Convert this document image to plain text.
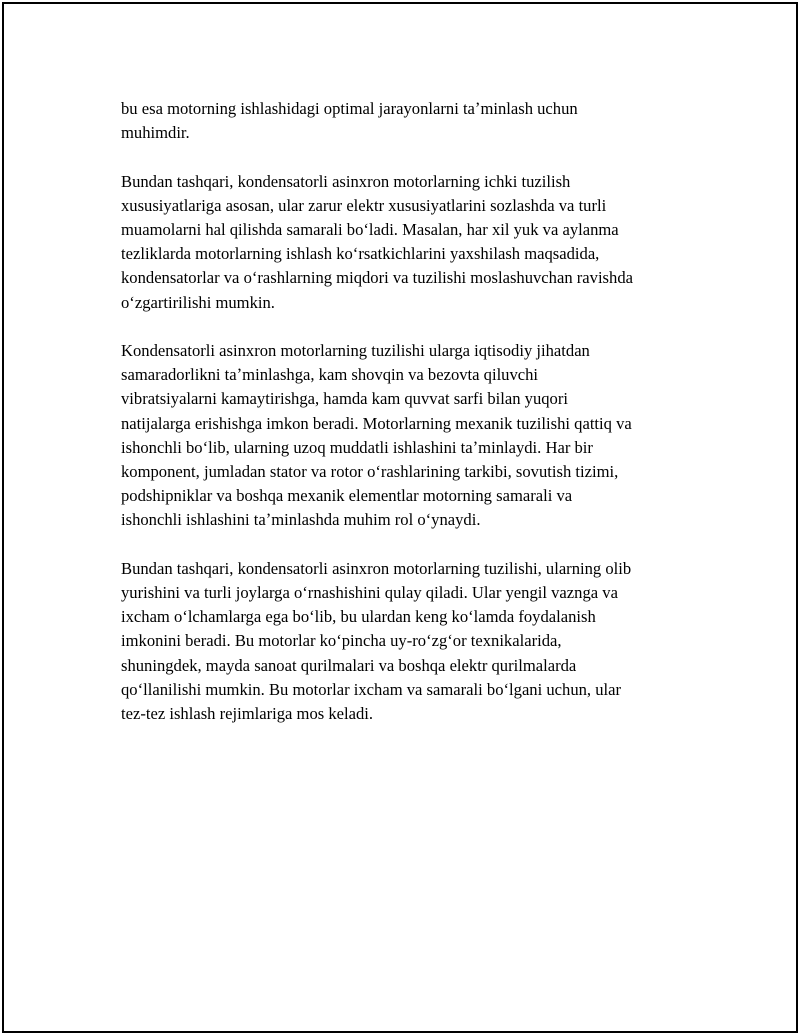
bu esa motorning ishlashidagi optimal jarayonlarni taʼminlash uchun
muhimdir.

Bundan tashqari, kondensatorli asinxron motorlarning ichki tuzilish
xususiyatlariga asosan, ular zarur elektr xususiyatlarini sozlashda va turli
muamolarni hal qilishda samarali boʻladi. Masalan, har xil yuk va aylanma
tezliklarda motorlarning ishlash koʻrsatkichlarini yaxshilash maqsadida,
kondensatorlar va oʻrashlarning miqdori va tuzilishi moslashuvchan ravishda
oʻzgartirilishi mumkin.

Kondensatorli asinxron motorlarning tuzilishi ularga iqtisodiy jihatdan
samaradorlikni taʼminlashga, kam shovqin va bezovta qiluvchi
vibratsiyalarni kamaytirishga, hamda kam quvvat sarfi bilan yuqori
natijalarga erishishga imkon beradi. Motorlarning mexanik tuzilishi qattiq va
ishonchli boʻlib, ularning uzoq muddatli ishlashini taʼminlaydi. Har bir
komponent, jumladan stator va rotor oʻrashlarining tarkibi, sovutish tizimi,
podshipniklar va boshqa mexanik elementlar motorning samarali va
ishonchli ishlashini taʼminlashda muhim rol oʻynaydi.

Bundan tashqari, kondensatorli asinxron motorlarning tuzilishi, ularning olib
yurishini va turli joylarga oʻrnashishini qulay qiladi. Ular yengil vaznga va
ixcham oʻlchamlarga ega boʻlib, bu ulardan keng koʻlamda foydalanish
imkonini beradi. Bu motorlar koʻpincha uy-roʻzgʻor texnikalarida,
shuningdek, mayda sanoat qurilmalari va boshqa elektr qurilmalarda
qoʻllanilishi mumkin. Bu motorlar ixcham va samarali boʻlgani uchun, ular
tez-tez ishlash rejimlariga mos keladi.
